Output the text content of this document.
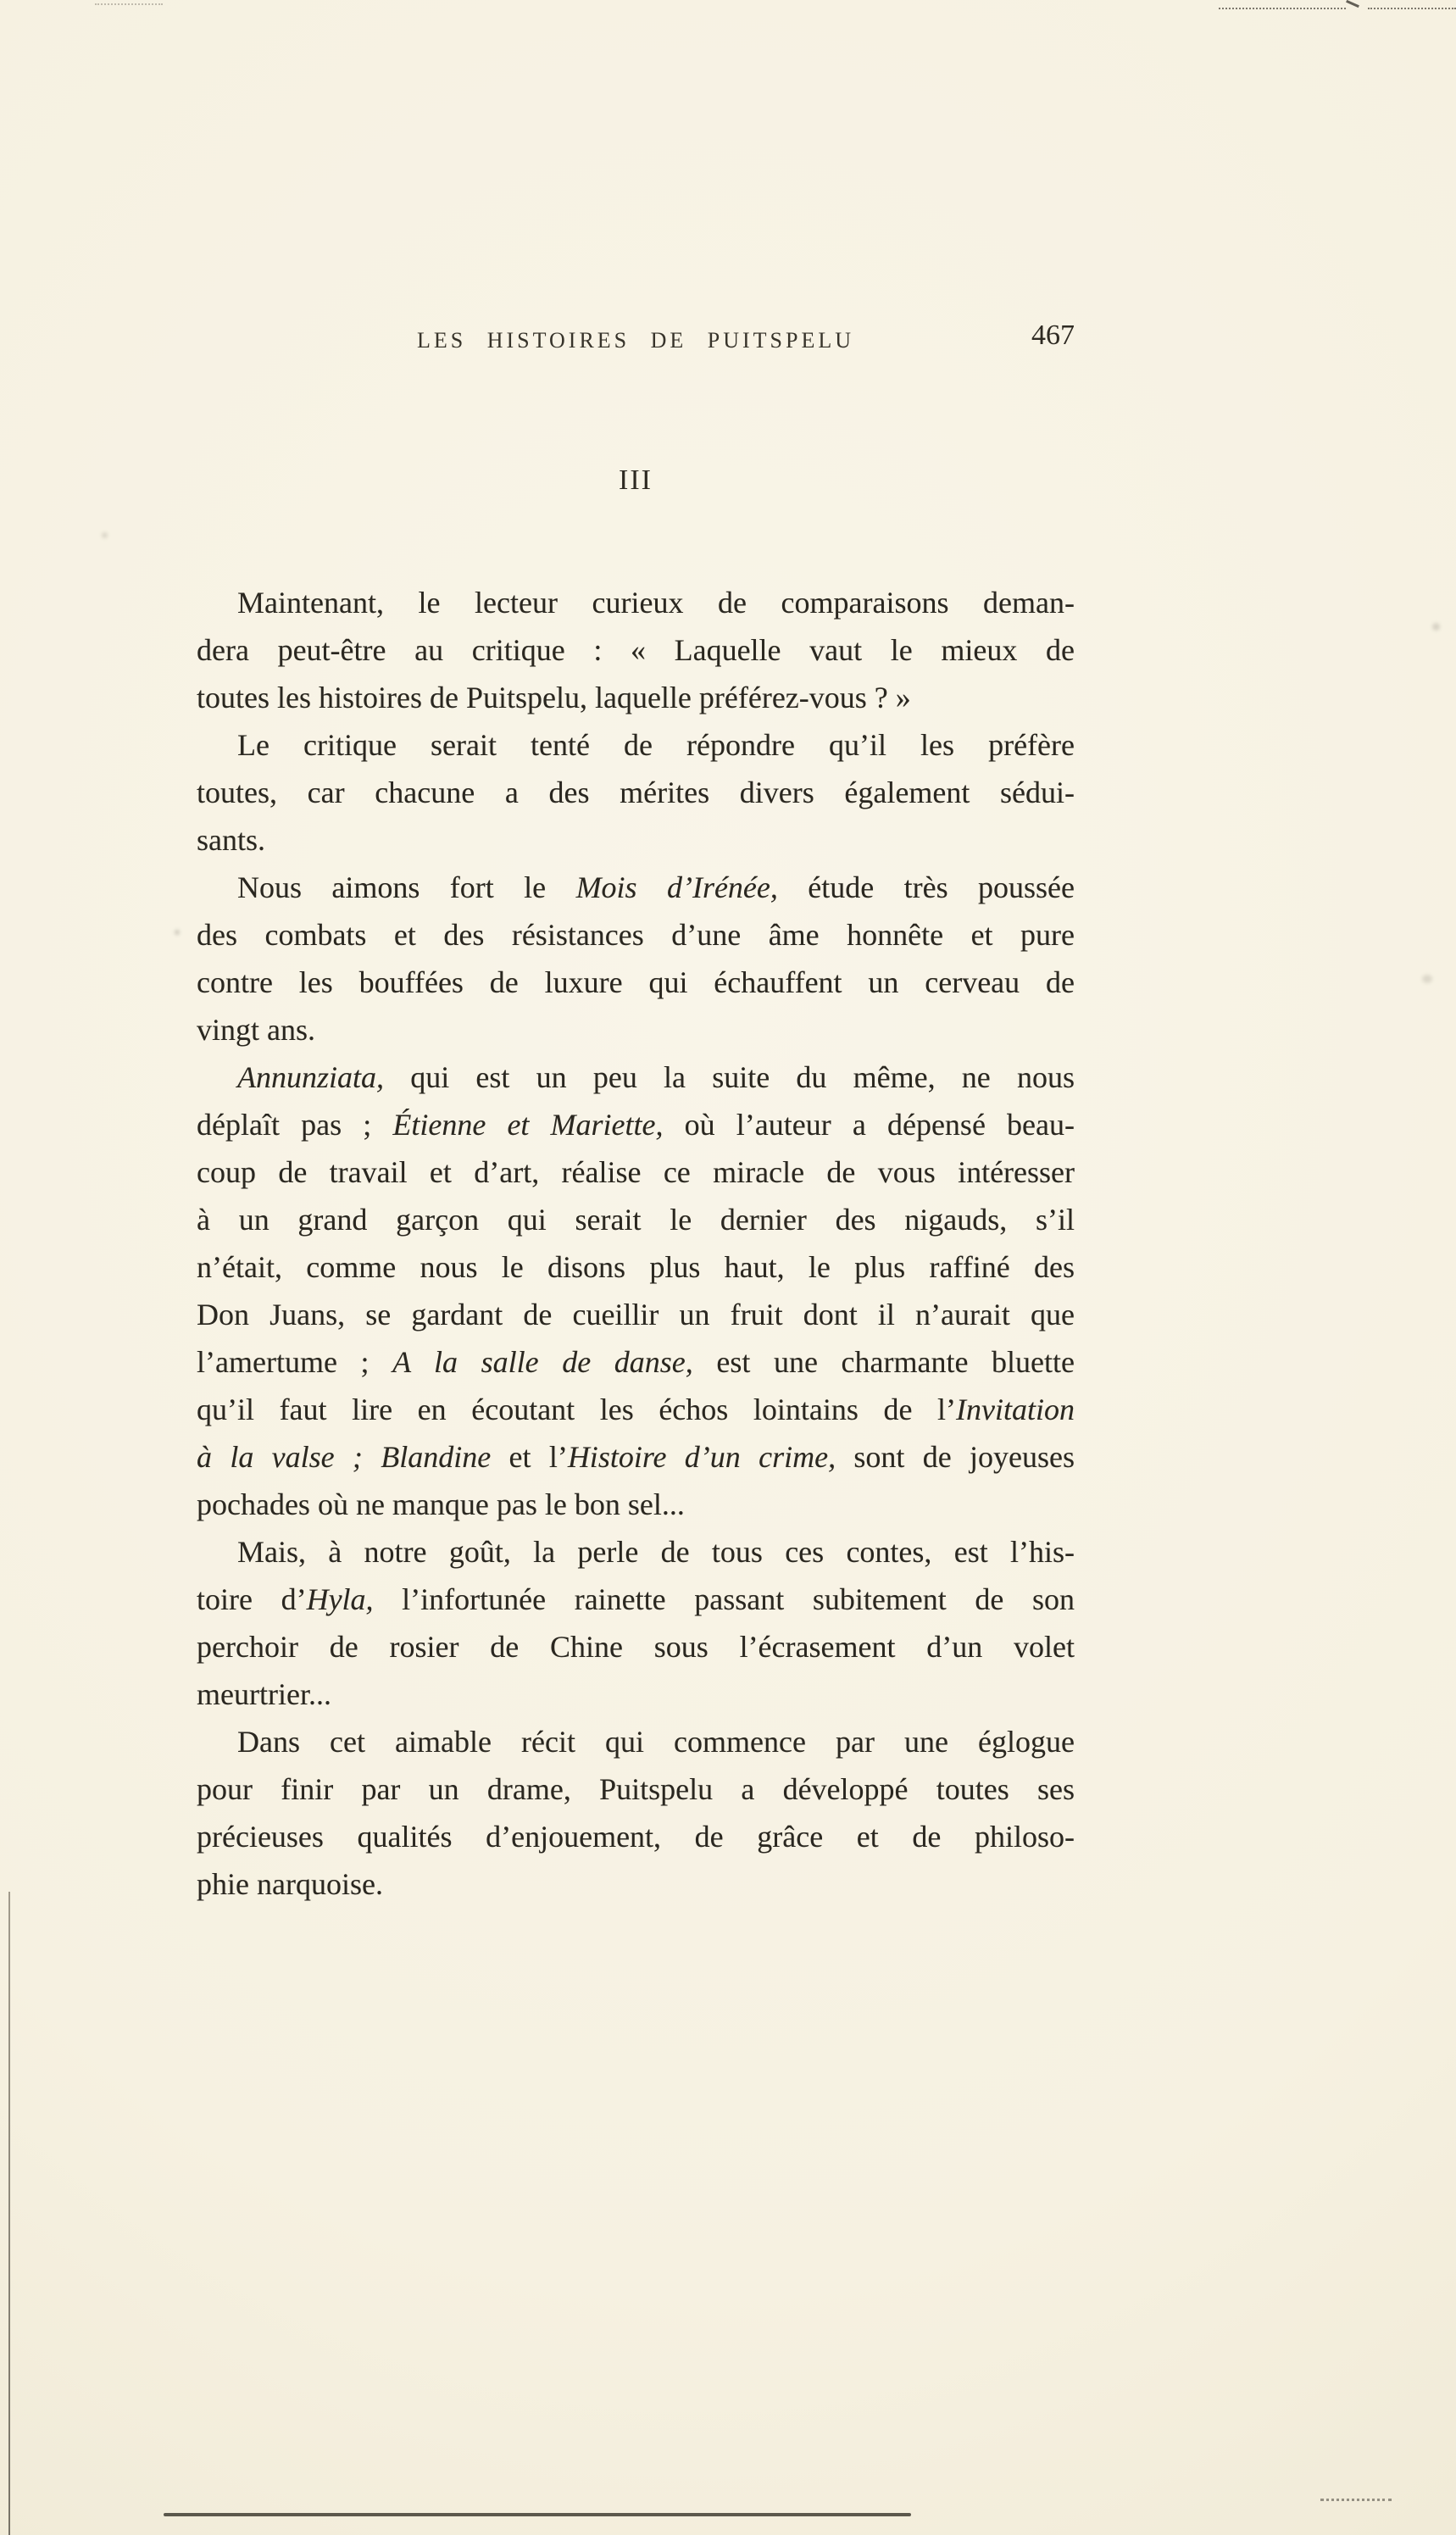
LES HISTOIRES DE PUITSPELU	467
III
Maintenant, le lecteur curieux de comparaisons deman-
dera peut-être au critique : « Laquelle vaut le mieux de
toutes les histoires de Puitspelu, laquelle préférez-vous ? »
Le critique serait tenté de répondre qu’il les préfère
toutes, car chacune a des mérites divers également sédui-
sants.
Nous aimons fort le Mois d’Irénée, étude très poussée
des combats et des résistances d’une âme honnête et pure
contre les bouffées de luxure qui échauffent un cerveau de
vingt ans.
Annunziata, qui est un peu la suite du même, ne nous
déplaît pas ; Étienne et Mariette, où l’auteur a dépensé beau-
coup de travail et d’art, réalise ce miracle de vous intéresser
à un grand garçon qui serait le dernier des nigauds, s’il
n’était, comme nous le disons plus haut, le plus raffiné des
Don Juans, se gardant de cueillir un fruit dont il n’aurait que
l’amertume ; A la salle de danse, est une charmante bluette
qu’il faut lire en écoutant les échos lointains de l’Invitation
à la valse ; Blandine et l’Histoire d’un crime, sont de joyeuses
pochades où ne manque pas le bon sel...
Mais, à notre goût, la perle de tous ces contes, est l’his-
toire d’Hyla, l’infortunée rainette passant subitement de son
perchoir de rosier de Chine sous l’écrasement d’un volet
meurtrier...
Dans cet aimable récit qui commence par une églogue
pour finir par un drame, Puitspelu a développé toutes ses
précieuses qualités d’enjouement, de grâce et de philoso-
phie narquoise.
